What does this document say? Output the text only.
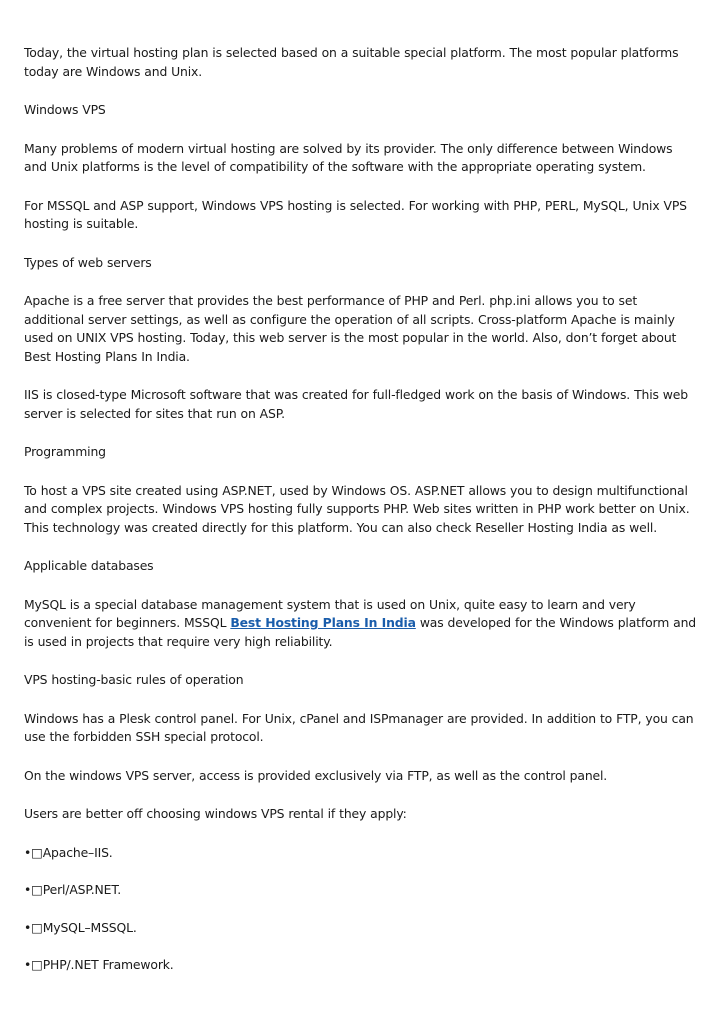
Today, the virtual hosting plan is selected based on a suitable special platform. The most popular platforms today are Windows and Unix.

Windows VPS

Many problems of modern virtual hosting are solved by its provider. The only difference between Windows and Unix platforms is the level of compatibility of the software with the appropriate operating system.

For MSSQL and ASP support, Windows VPS hosting is selected. For working with PHP, PERL, MySQL, Unix VPS hosting is suitable.

Types of web servers

Apache is a free server that provides the best performance of PHP and Perl. php.ini allows you to set additional server settings, as well as configure the operation of all scripts. Cross-platform Apache is mainly used on UNIX VPS hosting. Today, this web server is the most popular in the world. Also, don’t forget about Best Hosting Plans In India.

IIS is closed-type Microsoft software that was created for full-fledged work on the basis of Windows. This web server is selected for sites that run on ASP.

Programming

To host a VPS site created using ASP.NET, used by Windows OS. ASP.NET allows you to design multifunctional and complex projects. Windows VPS hosting fully supports PHP. Web sites written in PHP work better on Unix. This technology was created directly for this platform. You can also check Reseller Hosting India as well.

Applicable databases

MySQL is a special database management system that is used on Unix, quite easy to learn and very convenient for beginners. MSSQL Best Hosting Plans In India was developed for the Windows platform and is used in projects that require very high reliability.

VPS hosting-basic rules of operation

Windows has a Plesk control panel. For Unix, cPanel and ISPmanager are provided. In addition to FTP, you can use the forbidden SSH special protocol.

On the windows VPS server, access is provided exclusively via FTP, as well as the control panel.

Users are better off choosing windows VPS rental if they apply:

•□Apache–IIS.

•□Perl/ASP.NET.

•□MySQL–MSSQL.

•□PHP/.NET Framework.
